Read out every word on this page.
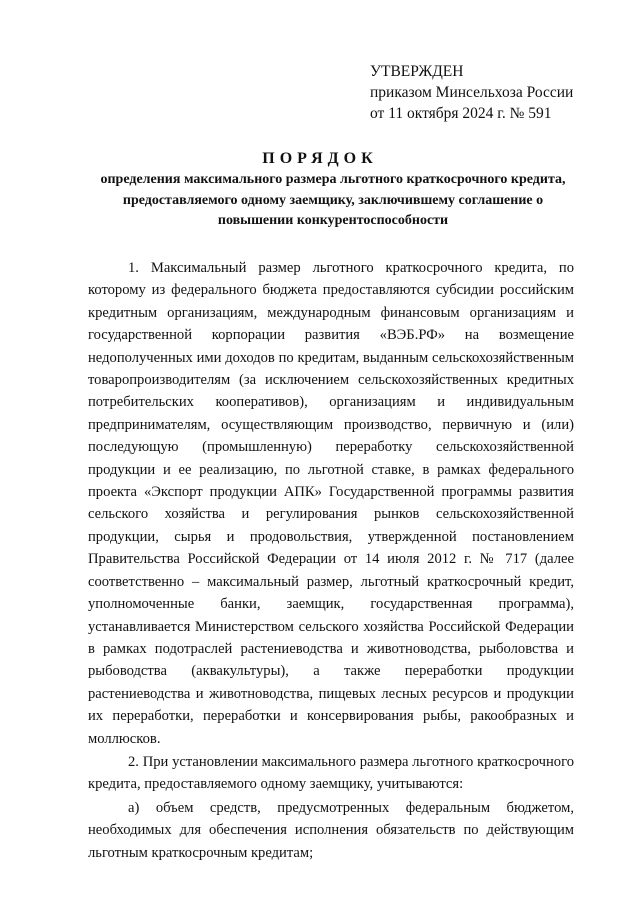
УТВЕРЖДЕН
приказом Минсельхоза России
от 11 октября 2024 г. № 591
ПОРЯДОК
определения максимального размера льготного краткосрочного кредита, предоставляемого одному заемщику, заключившему соглашение о повышении конкурентоспособности

1. Максимальный размер льготного краткосрочного кредита, по которому из федерального бюджета предоставляются субсидии российским кредитным организациям, международным финансовым организациям и государственной корпорации развития «ВЭБ.РФ» на возмещение недополученных ими доходов по кредитам, выданным сельскохозяйственным товаропроизводителям (за исключением сельскохозяйственных кредитных потребительских кооперативов), организациям и индивидуальным предпринимателям, осуществляющим производство, первичную и (или) последующую (промышленную) переработку сельскохозяйственной продукции и ее реализацию, по льготной ставке, в рамках федерального проекта «Экспорт продукции АПК» Государственной программы развития сельского хозяйства и регулирования рынков сельскохозяйственной продукции, сырья и продовольствия, утвержденной постановлением Правительства Российской Федерации от 14 июля 2012 г. № 717 (далее соответственно – максимальный размер, льготный краткосрочный кредит, уполномоченные банки, заемщик, государственная программа), устанавливается Министерством сельского хозяйства Российской Федерации в рамках подотраслей растениеводства и животноводства, рыболовства и рыбоводства (аквакультуры), а также переработки продукции растениеводства и животноводства, пищевых лесных ресурсов и продукции их переработки, переработки и консервирования рыбы, ракообразных и моллюсков.

2. При установлении максимального размера льготного краткосрочного кредита, предоставляемого одному заемщику, учитываются:

а) объем средств, предусмотренных федеральным бюджетом, необходимых для обеспечения исполнения обязательств по действующим льготным краткосрочным кредитам;
